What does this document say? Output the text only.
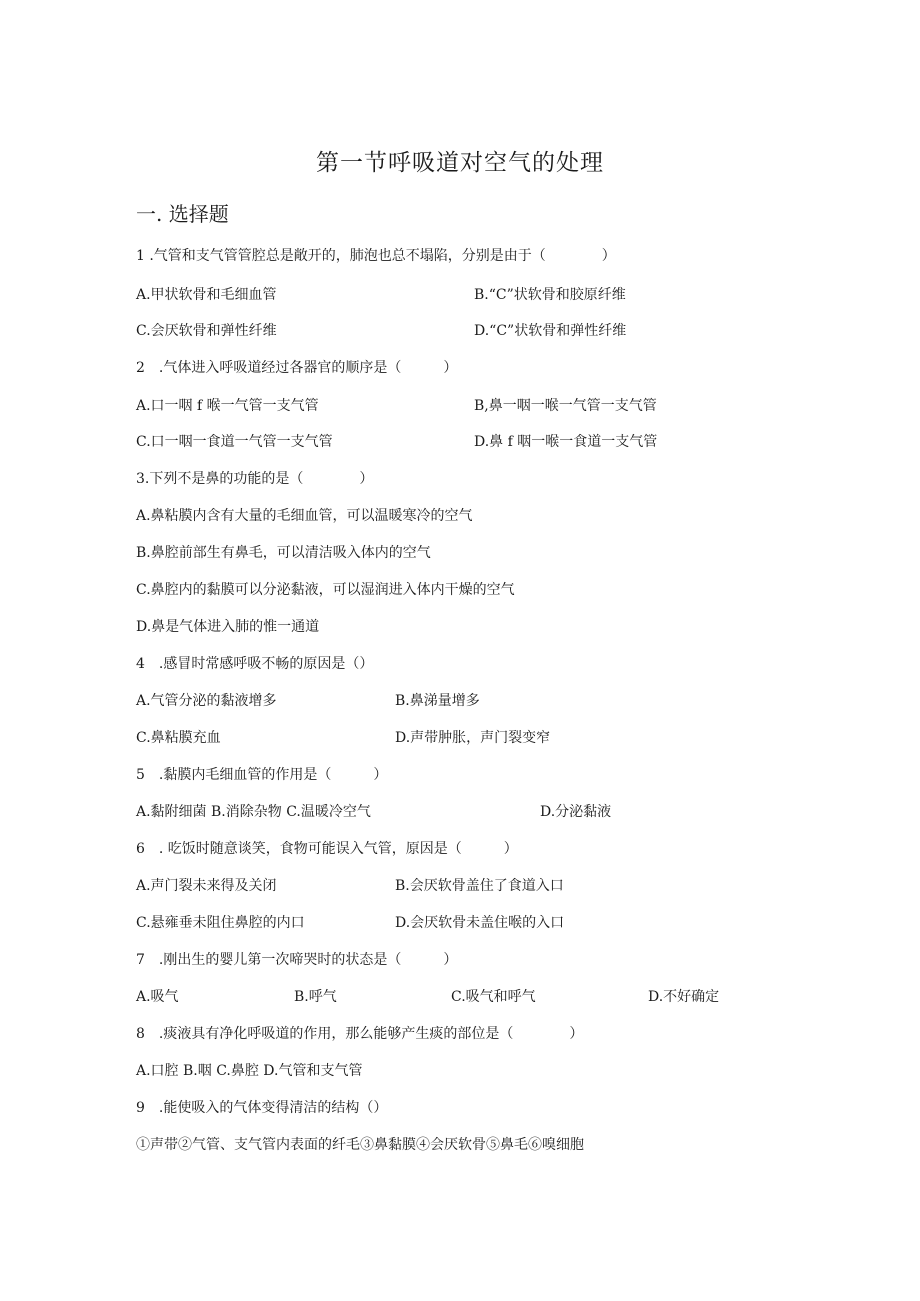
第一节呼吸道对空气的处理
一. 选择题
1 .气管和支气管管腔总是敞开的，肺泡也总不塌陷，分别是由于（　　　　）
A.甲状软骨和毛细血管	B.“C”状软骨和胶原纤维
C.会厌软骨和弹性纤维	D.“C”状软骨和弹性纤维
2　.气体进入呼吸道经过各器官的顺序是（　　　）
A.口一咽 f 喉一气管一支气管	B,鼻一咽一喉一气管一支气管
C.口一咽一食道一气管一支气管	D.鼻 f 咽一喉一食道一支气管
3.下列不是鼻的功能的是（　　　　）
A.鼻粘膜内含有大量的毛细血管，可以温暖寒冷的空气
B.鼻腔前部生有鼻毛，可以清洁吸入体内的空气
C.鼻腔内的黏膜可以分泌黏液，可以湿润进入体内干燥的空气
D.鼻是气体进入肺的惟一通道
4　.感冒时常感呼吸不畅的原因是（）
A.气管分泌的黏液增多	B.鼻涕量增多
C.鼻粘膜充血	D.声带肿胀，声门裂变窄
5　.黏膜内毛细血管的作用是（　　　）
A.黏附细菌 B.消除杂物 C.温暖冷空气	D.分泌黏液
6　. 吃饭时随意谈笑，食物可能误入气管，原因是（　　　）
A.声门裂未来得及关闭	B.会厌软骨盖住了食道入口
C.悬雍垂未阻住鼻腔的内口	D.会厌软骨未盖住喉的入口
7　.刚出生的婴儿第一次啼哭时的状态是（　　　）
A.吸气	B.呼气	C.吸气和呼气	D.不好确定
8　.痰液具有净化呼吸道的作用，那么能够产生痰的部位是（　　　　）
A.口腔 B.咽 C.鼻腔 D.气管和支气管
9　.能使吸入的气体变得清洁的结构（）
①声带②气管、支气管内表面的纤毛③鼻黏膜④会厌软骨⑤鼻毛⑥嗅细胞
